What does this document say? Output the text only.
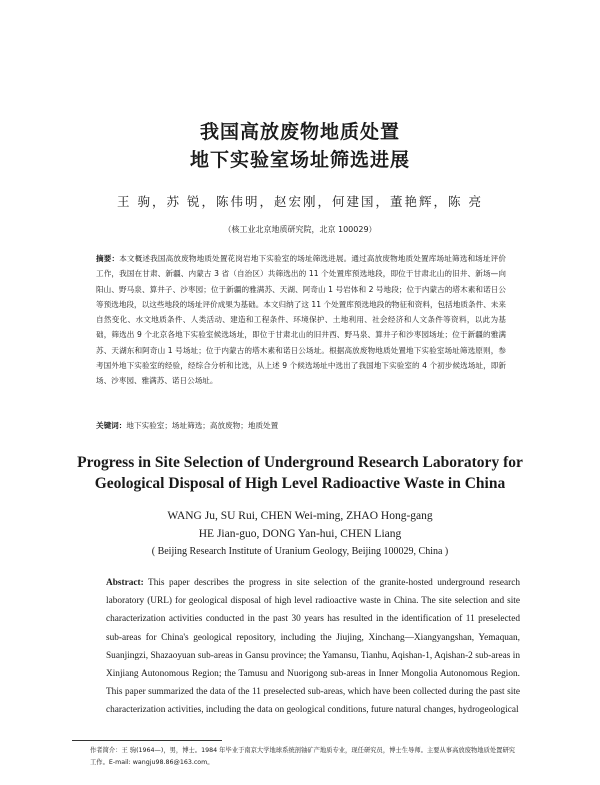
我国高放废物地质处置
地下实验室场址筛选进展
王 驹，苏 锐，陈伟明，赵宏刚，何建国，董艳辉，陈 亮
（核工业北京地质研究院，北京 100029）

摘要：本文概述我国高放废物地质处置花岗岩地下实验室的场址筛选进展。通过高放废物地质处置库场址筛选和场址评价工作，我国在甘肃、新疆、内蒙古 3 省（自治区）共筛选出的 11 个处置库预选地段，即位于甘肃北山的旧井、新场—向阳山、野马泉、算井子、沙枣园；位于新疆的雅满苏、天湖、阿奇山 1 号岩体和 2 号地段；位于内蒙古的塔木素和诺日公等预选地段，以这些地段的场址评价成果为基础。本文归纳了这 11 个处置库预选地段的物征和资料，包括地质条件、未来自然变化、水文地质条件、人类活动、建造和工程条件、环境保护、土地利用、社会经济和人文条件等资料，以此为基础，筛选出 9 个北京各地下实验室候选场址，即位于甘肃北山的旧井西、野马泉、算井子和沙枣园场址；位于新疆的雅满苏、天湖东和阿奇山 1 号场址；位于内蒙古的塔木素和诺日公场址。根据高放废物地质处置地下实验室场址筛选原则，参考国外地下实验室的经验，经综合分析和比选，从上述 9 个候选场址中选出了我国地下实验室的 4 个初步候选场址，即新场、沙枣园、雅满苏、诺日公场址。

关键词：地下实验室；场址筛选；高放废物；地质处置

Progress in Site Selection of Underground Research Laboratory for
Geological Disposal of High Level Radioactive Waste in China
WANG Ju, SU Rui, CHEN Wei-ming, ZHAO Hong-gang
HE Jian-guo, DONG Yan-hui, CHEN Liang
( Beijing Research Institute of Uranium Geology, Beijing 100029, China )

Abstract: This paper describes the progress in site selection of the granite-hosted underground research laboratory (URL) for geological disposal of high level radioactive waste in China. The site selection and site characterization activities conducted in the past 30 years has resulted in the identification of 11 preselected sub-areas for China's geological repository, including the Jiujing, Xinchang—Xiangyangshan, Yemaquan, Suanjingzi, Shazaoyuan sub-areas in Gansu province; the Yamansu, Tianhu, Aqishan-1, Aqishan-2 sub-areas in Xinjiang Autonomous Region; the Tamusu and Nuorigong sub-areas in Inner Mongolia Autonomous Region. This paper summarized the data of the 11 preselected sub-areas, which have been collected during the past site characterization activities, including the data on geological conditions, future natural changes, hydrogeological

作者简介：王 驹(1964—)，男，博士。1984 年毕业于南京大学地球系统剖铀矿产地质专业，现任研究员，博士生导师。主要从事高放废物地质处置研究工作。E-mail: wangju98.86@163.com。
